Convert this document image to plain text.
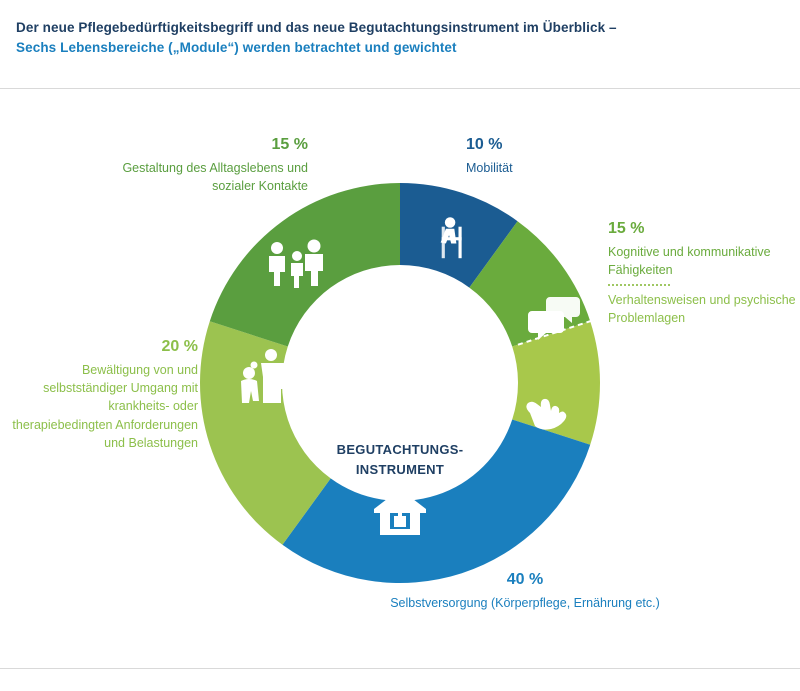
Der neue Pflegebedürftigkeitsbegriff und das neue Begutachtungsinstrument im Überblick –
Sechs Lebensbereiche („Module“) werden betrachtet und gewichtet
BEGUTACHTUNGS-
INSTRUMENT
10 %
Mobilität
15 %
Gestaltung des Alltagslebens und sozialer Kontakte
15 %
Kognitive und kommunikative Fähigkeiten
Verhaltensweisen und psychische Problemlagen
20 %
Bewältigung von und selbstständiger Umgang mit krankheits- oder therapiebedingten Anforderungen und Belastungen
40 %
Selbstversorgung (Körperpflege, Ernährung etc.)
